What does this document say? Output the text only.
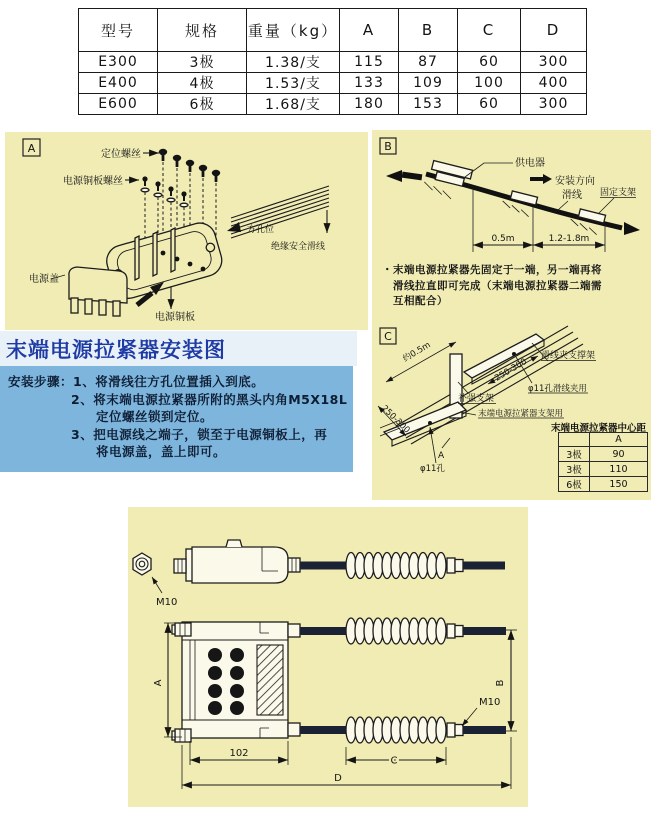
型号	规格	重量（kg）	A	B	C	D
E300	3极	1.38/支	115	87	60	300
E400	4极	1.53/支	133	109	100	400
E600	6极	1.68/支	180	153	60	300
A	定位螺丝
电源铜板螺丝
方孔位
绝缘安全滑线
电源盖
电源铜板
B
供电器
安装方向
滑线 固定支架
0.5m	1.2-1.8m
C
约0.5m
250-300
250-300
滑线夹支撑架
φ11孔滑线夹用
补强支架
末端电源拉紧器支架用
A
φ11孔
・末端电源拉紧器先固定于一端，另一端再将
滑线拉直即可完成（末端电源拉紧器二端需
互相配合）
末端电源拉紧器中心距
	A
3极	90
3极	110
6极	150
末端电源拉紧器安装图
安装步骤：1、将滑线往方孔位置插入到底。
2、将末端电源拉紧器所附的黑头内角M5X18L
定位螺丝锁到定位。
3、把电源线之端子，锁至于电源铜板上，再
将电源盖，盖上即可。
M10
A	B
M10
102
C
D
